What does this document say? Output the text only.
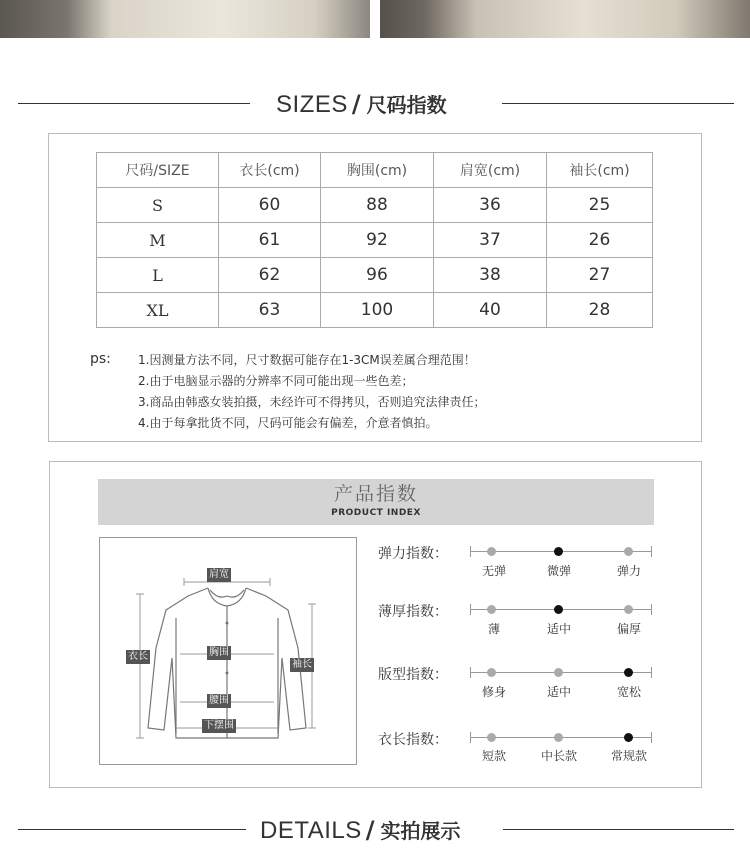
SIZES / 尺码指数
尺码/SIZE	衣长(cm)	胸围(cm)	肩宽(cm)	袖长(cm)
S	60	88	36	25
M	61	92	37	26
L	62	96	38	27
XL	63	100	40	28
ps: 1.因测量方法不同，尺寸数据可能存在1-3CM误差属合理范围！
2.由于电脑显示器的分辨率不同可能出现一些色差；
3.商品由韩惑女装拍摄，未经许可不得拷贝，否则追究法律责任；
4.由于每拿批货不同，尺码可能会有偏差，介意者慎拍。
产品指数
PRODUCT INDEX
肩宽
衣长	胸围
袖长
腰围
下摆围
弹力指数：
无弹	微弹	弹力
薄厚指数：
薄	适中	偏厚
版型指数：
修身	适中	宽松
衣长指数：
短款	中长款	常规款
DETAILS / 实拍展示
